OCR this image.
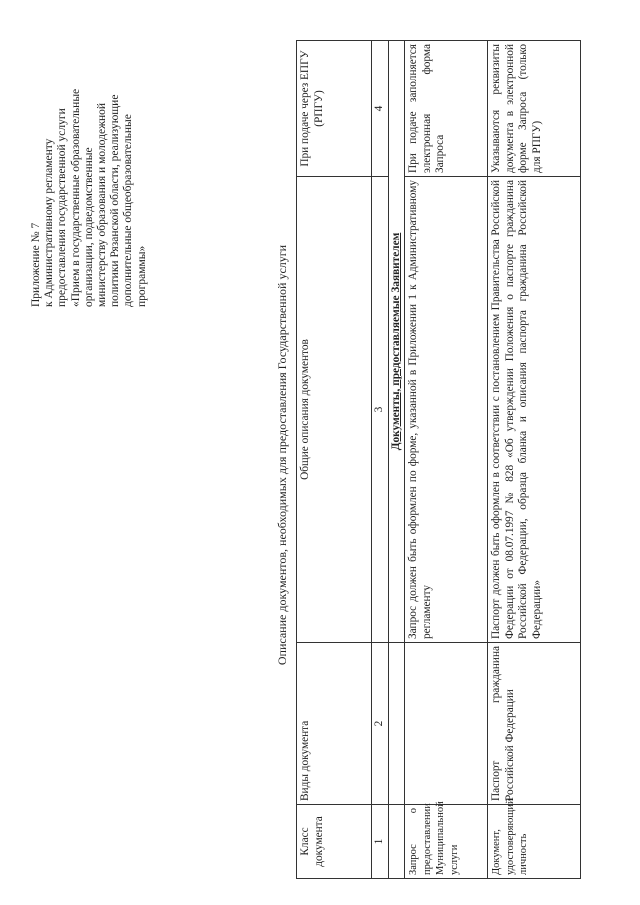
Приложение № 7 к Административному регламенту предоставления государственной услуги «Прием в государственные образовательные организации, подведомственные министерству образования и молодежной политики Рязанской области, реализующие дополнительные общеобразовательные программы»	Описание документов, необходимых для предоставления Государственной услуги
Класс документа	Виды документа	Общие описания документов	При подаче через ЕПГУ (РПГУ)
1	2	3	4
		Документы, предоставляемые Заявителем	
Запрос о предоставлении Муниципальной услуги		Запрос должен быть оформлен по форме, указанной в Приложении 1 к Административному регламенту	При подаче заполняется электронная форма Запроса
Документ, удостоверяющий личность	Паспорт гражданина Российской Федерации	Паспорт должен быть оформлен в соответствии с постановлением Правительства Российской Федерации от 08.07.1997 № 828 «Об утверждении Положения о паспорте гражданина Российской Федерации, образца бланка и описания паспорта гражданина Российской Федерации»	Указываются реквизиты документа в электронной форме Запроса (только для РПГУ)
